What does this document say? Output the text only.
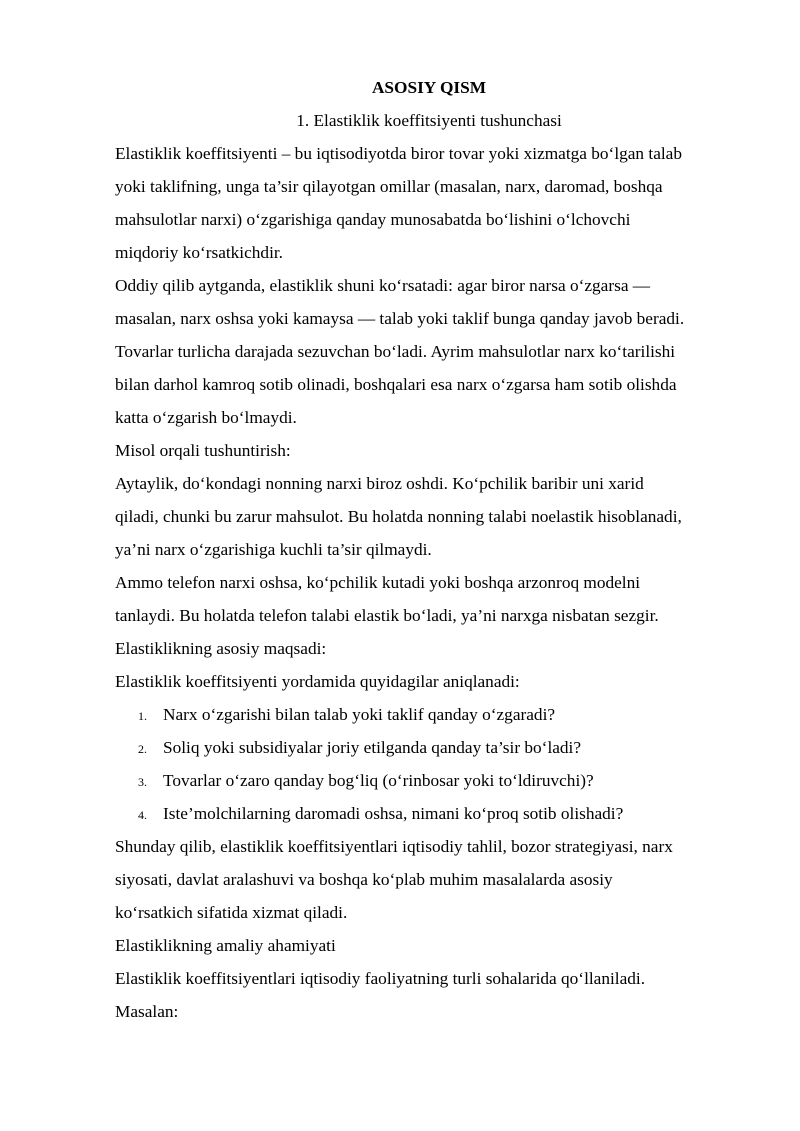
ASOSIY QISM
1. Elastiklik koeffitsiyenti tushunchasi
Elastiklik koeffitsiyenti – bu iqtisodiyotda biror tovar yoki xizmatga bo‘lgan talab
yoki taklifning, unga ta’sir qilayotgan omillar (masalan, narx, daromad, boshqa
mahsulotlar narxi) o‘zgarishiga qanday munosabatda bo‘lishini o‘lchovchi
miqdoriy ko‘rsatkichdir.
Oddiy qilib aytganda, elastiklik shuni ko‘rsatadi: agar biror narsa o‘zgarsa —
masalan, narx oshsa yoki kamaysa — talab yoki taklif bunga qanday javob beradi.
Tovarlar turlicha darajada sezuvchan bo‘ladi. Ayrim mahsulotlar narx ko‘tarilishi
bilan darhol kamroq sotib olinadi, boshqalari esa narx o‘zgarsa ham sotib olishda
katta o‘zgarish bo‘lmaydi.
Misol orqali tushuntirish:
Aytaylik, do‘kondagi nonning narxi biroz oshdi. Ko‘pchilik baribir uni xarid
qiladi, chunki bu zarur mahsulot. Bu holatda nonning talabi noelastik hisoblanadi,
ya’ni narx o‘zgarishiga kuchli ta’sir qilmaydi.
Ammo telefon narxi oshsa, ko‘pchilik kutadi yoki boshqa arzonroq modelni
tanlaydi. Bu holatda telefon talabi elastik bo‘ladi, ya’ni narxga nisbatan sezgir.
Elastiklikning asosiy maqsadi:
Elastiklik koeffitsiyenti yordamida quyidagilar aniqlanadi:
1. Narx o‘zgarishi bilan talab yoki taklif qanday o‘zgaradi?
2. Soliq yoki subsidiyalar joriy etilganda qanday ta’sir bo‘ladi?
3. Tovarlar o‘zaro qanday bog‘liq (o‘rinbosar yoki to‘ldiruvchi)?
4. Iste’molchilarning daromadi oshsa, nimani ko‘proq sotib olishadi?
Shunday qilib, elastiklik koeffitsiyentlari iqtisodiy tahlil, bozor strategiyasi, narx
siyosati, davlat aralashuvi va boshqa ko‘plab muhim masalalarda asosiy
ko‘rsatkich sifatida xizmat qiladi.
Elastiklikning amaliy ahamiyati
Elastiklik koeffitsiyentlari iqtisodiy faoliyatning turli sohalarida qo‘llaniladi.
Masalan:
